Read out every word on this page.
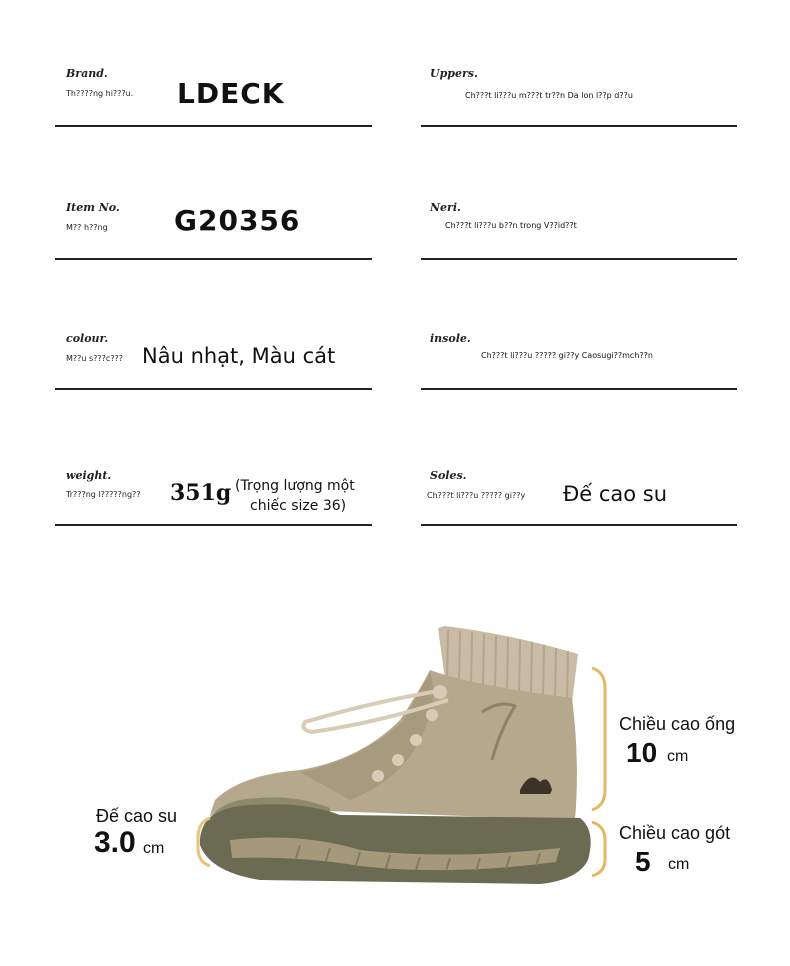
Brand.
Th????ng hi???u. LDECK
Item No.
M?? h??ng G20356
colour.
M??u s???c??? Nâu nhạt, Màu cát
weight.
Tr???ng l?????ng?? 351g (Trọng lượng một
chiếc size 36)
Uppers.
Ch???t li???u m???t tr??n Da lon l??p d??u
Neri.
Ch???t li???u b??n trong V??id??t
insole.
Ch???t li???u ????? gi??y Caosugi??mch??n
Soles.
Ch???t li???u ????? gi??y Đế cao su
Đế cao su
3.0 cm
Chiều cao ống
10 cm
Chiều cao gót
5 cm
